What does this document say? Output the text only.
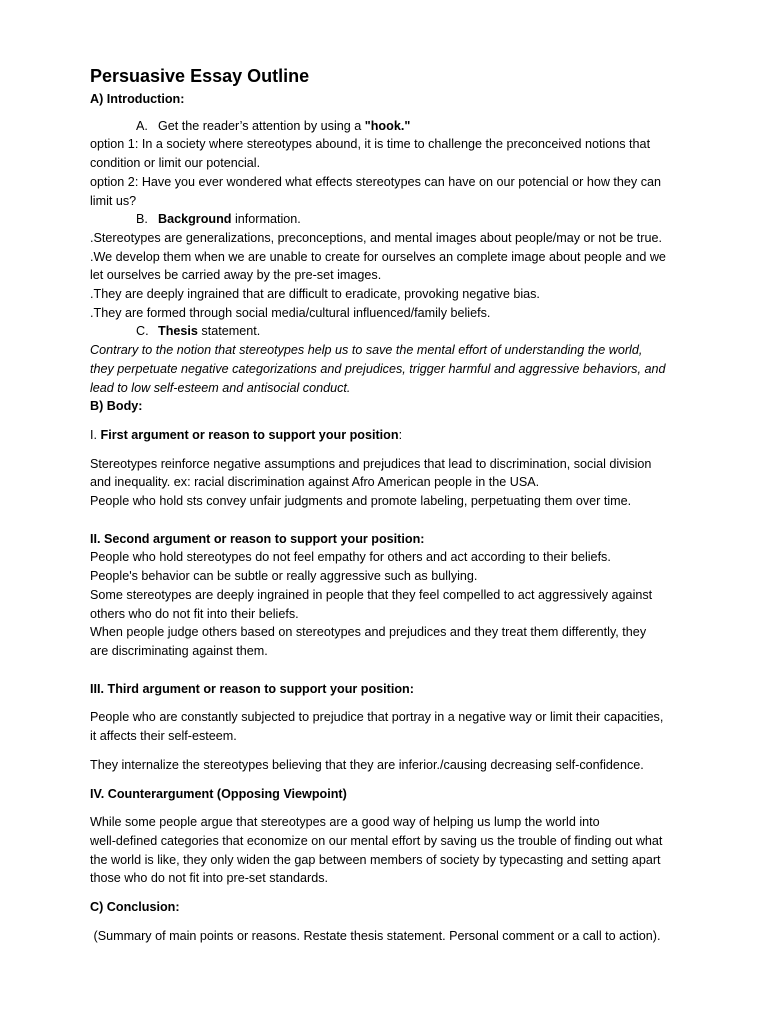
Persuasive Essay Outline

A) Introduction:

A. Get the reader’s attention by using a "hook."

option 1: In a society where stereotypes abound, it is time to challenge the preconceived notions that

condition or limit our potencial.

option 2: Have you ever wondered what effects stereotypes can have on our potencial or how they can

limit us?

B. Background information.

.Stereotypes are generalizations, preconceptions, and mental images about people/may or not be true.

.We develop them when we are unable to create for ourselves an complete image about people and we

let ourselves be carried away by the pre-set images.

.They are deeply ingrained that are difficult to eradicate, provoking negative bias.

.They are formed through social media/cultural influenced/family beliefs.

C. Thesis statement.

Contrary to the notion that stereotypes help us to save the mental effort of understanding the world,

they perpetuate negative categorizations and prejudices, trigger harmful and aggressive behaviors, and

lead to low self-esteem and antisocial conduct.

B) Body:

I. First argument or reason to support your position:

Stereotypes reinforce negative assumptions and prejudices that lead to discrimination, social division

and inequality. ex: racial discrimination against Afro American people in the USA.

People who hold sts convey unfair judgments and promote labeling, perpetuating them over time.

II. Second argument or reason to support your position:

People who hold stereotypes do not feel empathy for others and act according to their beliefs.

People's behavior can be subtle or really aggressive such as bullying.

Some stereotypes are deeply ingrained in people that they feel compelled to act aggressively against

others who do not fit into their beliefs.

When people judge others based on stereotypes and prejudices and they treat them differently, they

are discriminating against them.

III. Third argument or reason to support your position:

People who are constantly subjected to prejudice that portray in a negative way or limit their capacities,

it affects their self-esteem.

They internalize the stereotypes believing that they are inferior./causing decreasing self-confidence.

IV. Counterargument (Opposing Viewpoint)

While some people argue that stereotypes are a good way of helping us lump the world into

well-defined categories that economize on our mental effort by saving us the trouble of finding out what

the world is like, they only widen the gap between members of society by typecasting and setting apart

those who do not fit into pre-set standards.

C) Conclusion:

(Summary of main points or reasons. Restate thesis statement. Personal comment or a call to action).
